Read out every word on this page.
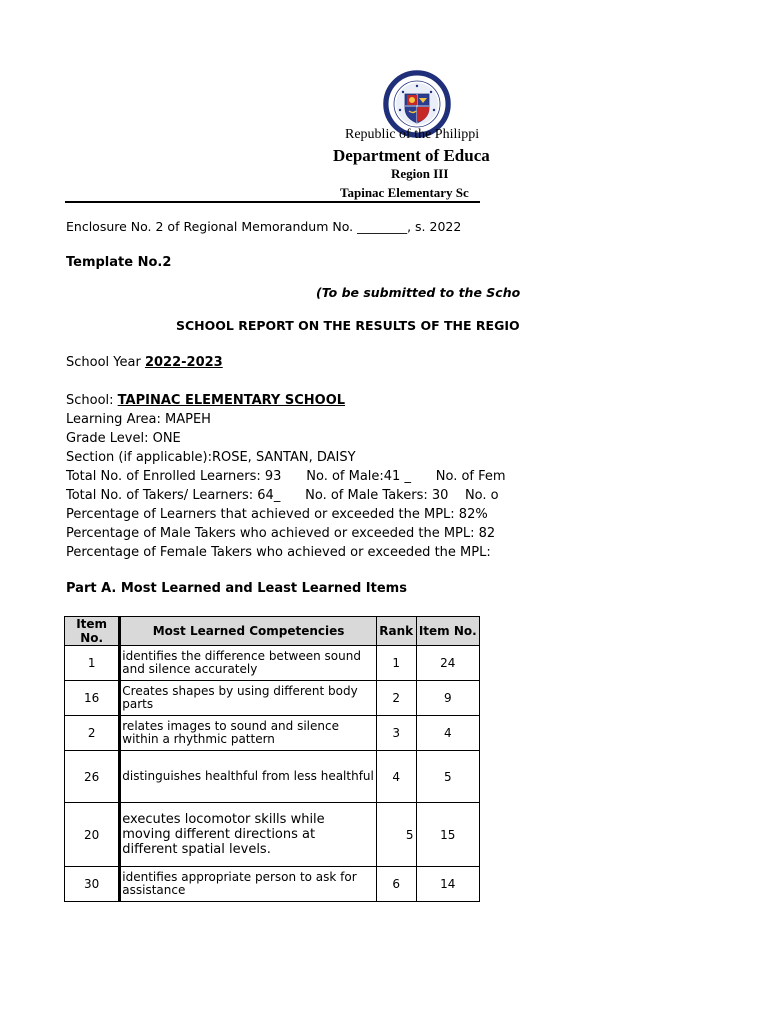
Republic of the Philippi
Department of Educa
Region III
Tapinac Elementary Sc
Enclosure No. 2 of Regional Memorandum No. ________, s. 2022
Template No.2
(To be submitted to the Scho
SCHOOL REPORT ON THE RESULTS OF THE REGIO
School Year 2022-2023
School: TAPINAC ELEMENTARY SCHOOL
Learning Area: MAPEH
Grade Level: ONE
Section (if applicable):ROSE, SANTAN, DAISY
Total No. of Enrolled Learners: 93      No. of Male:41 _      No. of Fem
Total No. of Takers/ Learners: 64_      No. of Male Takers: 30    No. o
Percentage of Learners that achieved or exceeded the MPL: 82%
Percentage of Male Takers who achieved or exceeded the MPL: 82
Percentage of Female Takers who achieved or exceeded the MPL:
Part A. Most Learned and Least Learned Items
Item No.	Most Learned Competencies	Rank	Item No.
1	identifies the difference between sound and silence accurately	1	24
16	Creates shapes by using different body parts	2	9
2	relates images to sound and silence within a rhythmic pattern	3	4
26	distinguishes healthful from less healthful	4	5
20	executes locomotor skills while moving different directions at different spatial levels.	5	15
30	identifies appropriate person to ask for assistance	6	14
